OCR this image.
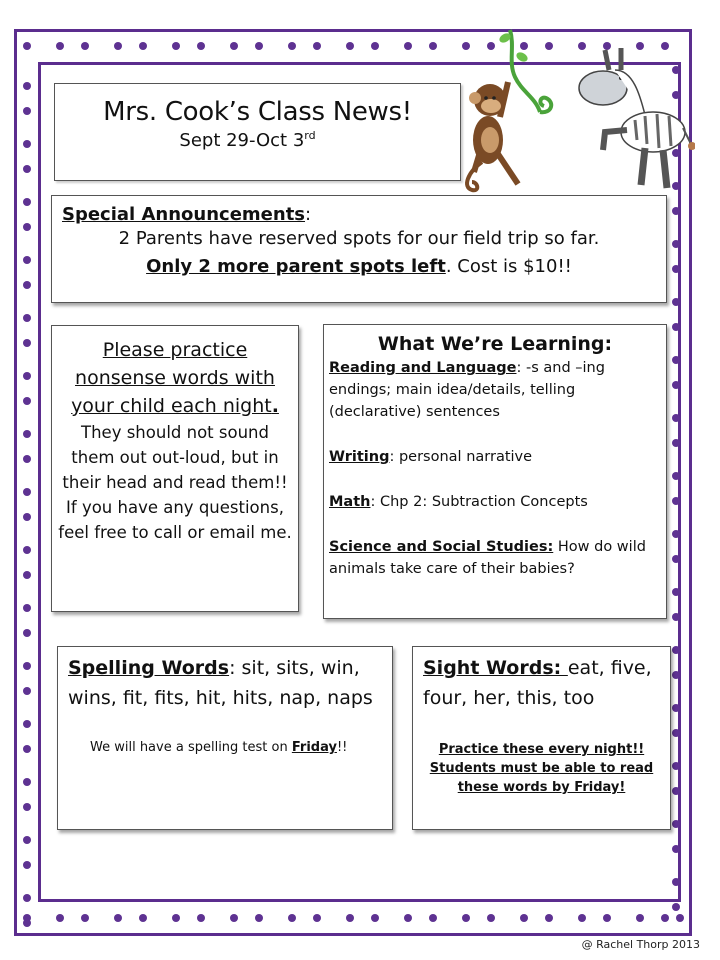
Mrs. Cook’s Class News!
Sept 29-Oct 3rd
Special Announcements:
2 Parents have reserved spots for our field trip so far.
Only 2 more parent spots left. Cost is $10!!
Please practice nonsense words with your child each night.
They should not sound them out out-loud, but in their head and read them!! If you have any questions, feel free to call or email me.
What We’re Learning:

Reading and Language: -s and –ing endings; main idea/details, telling (declarative) sentences

Writing: personal narrative

Math: Chp 2: Subtraction Concepts

Science and Social Studies: How do wild animals take care of their babies?

Spelling Words: sit, sits, win, wins, fit, fits, hit, hits, nap, naps
We will have a spelling test on Friday!!
Sight Words: eat, five, four, her, this, too
Practice these every night!! Students must be able to read these words by Friday!
@ Rachel Thorp 2013
